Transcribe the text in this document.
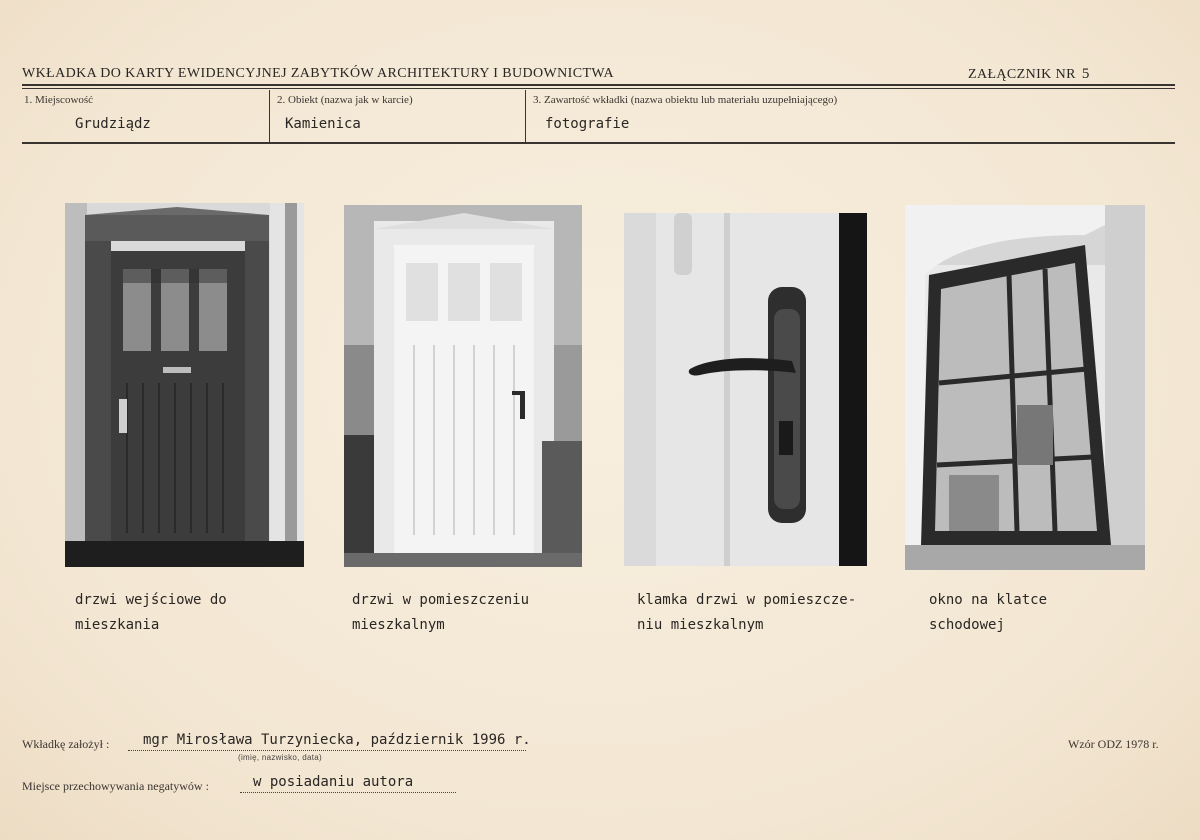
WKŁADKA DO KARTY EWIDENCYJNEJ ZABYTKÓW ARCHITEKTURY I BUDOWNICTWA	ZAŁĄCZNIK NR 5
1. Miejscowość
Grudziądz
2. Obiekt (nazwa jak w karcie)
Kamienica
3. Zawartość wkładki (nazwa obiektu lub materiału uzupełniającego)
fotografie
drzwi wejściowe do
mieszkania
drzwi w pomieszczeniu
mieszkalnym
klamka drzwi w pomieszcze-
niu mieszkalnym
okno na klatce
schodowej
Wkładkę założył : mgr Mirosława Turzyniecka, październik 1996 r.
(imię, nazwisko, data)
Wzór ODZ 1978 r.
Miejsce przechowywania negatywów :	w posiadaniu autora
